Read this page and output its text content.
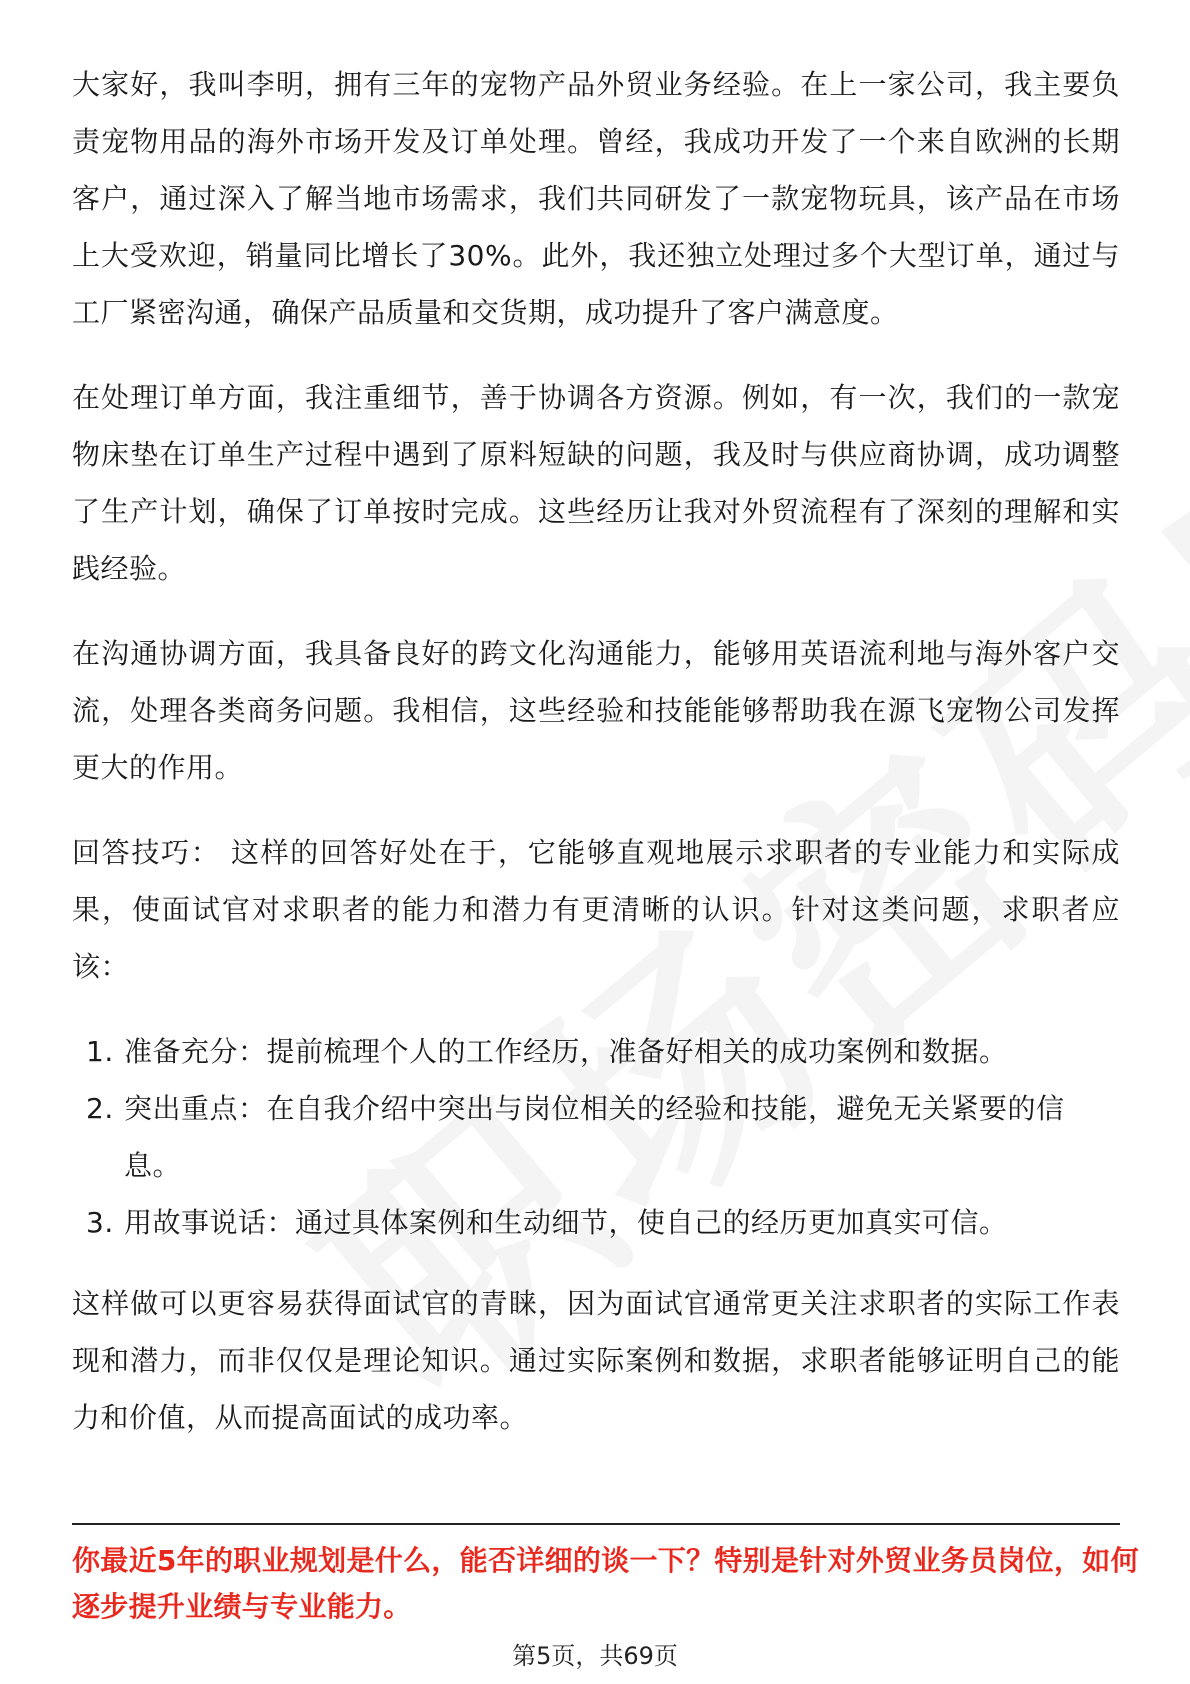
大家好，我叫李明，拥有三年的宠物产品外贸业务经验。在上一家公司，我主要负责宠物用品的海外市场开发及订单处理。曾经，我成功开发了一个来自欧洲的长期客户，通过深入了解当地市场需求，我们共同研发了一款宠物玩具，该产品在市场上大受欢迎，销量同比增长了30%。此外，我还独立处理过多个大型订单，通过与工厂紧密沟通，确保产品质量和交货期，成功提升了客户满意度。

在处理订单方面，我注重细节，善于协调各方资源。例如，有一次，我们的一款宠物床垫在订单生产过程中遇到了原料短缺的问题，我及时与供应商协调，成功调整了生产计划，确保了订单按时完成。这些经历让我对外贸流程有了深刻的理解和实践经验。

在沟通协调方面，我具备良好的跨文化沟通能力，能够用英语流利地与海外客户交流，处理各类商务问题。我相信，这些经验和技能能够帮助我在源飞宠物公司发挥更大的作用。

回答技巧： 这样的回答好处在于，它能够直观地展示求职者的专业能力和实际成果，使面试官对求职者的能力和潜力有更清晰的认识。针对这类问题，求职者应该：

1. 准备充分：提前梳理个人的工作经历，准备好相关的成功案例和数据。
2. 突出重点：在自我介绍中突出与岗位相关的经验和技能，避免无关紧要的信息。
3. 用故事说话：通过具体案例和生动细节，使自己的经历更加真实可信。

这样做可以更容易获得面试官的青睐，因为面试官通常更关注求职者的实际工作表现和潜力，而非仅仅是理论知识。通过实际案例和数据，求职者能够证明自己的能力和价值，从而提高面试的成功率。

你最近5年的职业规划是什么，能否详细的谈一下？特别是针对外贸业务员岗位，如何逐步提升业绩与专业能力。
第5页，共69页
